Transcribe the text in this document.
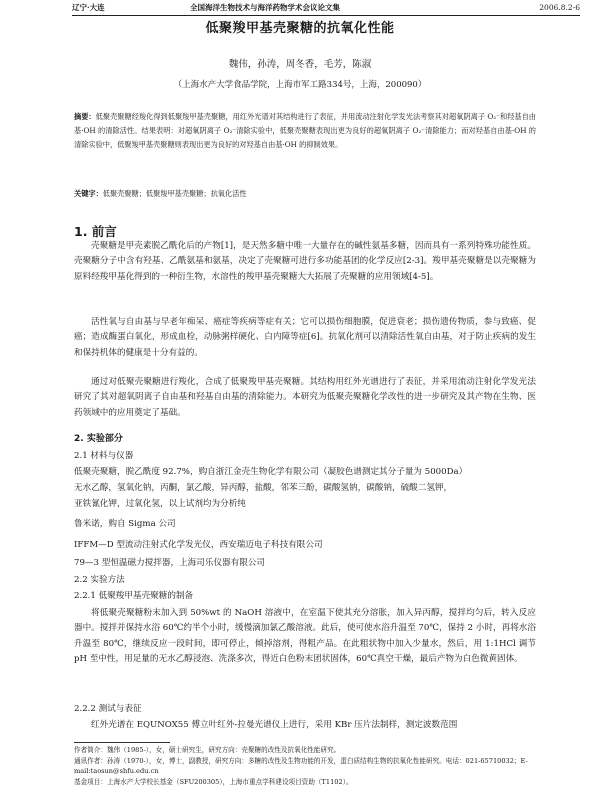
辽宁·大连	全国海洋生物技术与海洋药物学术会议论文集	2006.8.2-6
低聚羧甲基壳聚糖的抗氧化性能
魏伟，孙涛，周冬香，毛芳，陈淑
（上海水产大学食品学院，上海市军工路334号，上海，200090）
摘要：低聚壳聚糖经羧化得到低聚羧甲基壳聚糖，用红外光谱对其结构进行了表征，并用流动注射化学发光法考察其对超氧阴离子 O₂⁻和羟基自由基·OH 的清除活性。结果表明：对超氧阴离子 O₂⁻清除实验中，低聚壳聚糖表现出更为良好的超氧阴离子 O₂⁻清除能力；而对羟基自由基·OH 的清除实验中，低聚羧甲基壳聚糖则表现出更为良好的对羟基自由基·OH 的抑制效果。
关键字：低聚壳聚糖；低聚羧甲基壳聚糖；抗氧化活性
1. 前言
壳聚糖是甲壳素脱乙酰化后的产物[1]，是天然多糖中唯一大量存在的碱性氨基多糖，因而具有一系列特殊功能性质。壳聚糖分子中含有羟基、乙酰氨基和氨基，决定了壳聚糖可进行多功能基团的化学反应[2-3]。羧甲基壳聚糖是以壳聚糖为原料经羧甲基化得到的一种衍生物，水溶性的羧甲基壳聚糖大大拓展了壳聚糖的应用领域[4-5]。
活性氧与自由基与早老年痴呆、癌症等疾病等症有关；它可以损伤细胞膜，促进衰老；损伤遗传物质，参与致癌、促癌；造成酶蛋白氧化，形成血栓，动脉粥样硬化、白内障等症[6]。抗氧化剂可以清除活性氧自由基，对于防止疾病的发生和保持机体的健康是十分有益的。
通过对低聚壳聚糖进行羧化，合成了低聚羧甲基壳聚糖。其结构用红外光谱进行了表征，并采用流动注射化学发光法研究了其对超氧阴离子自由基和羟基自由基的清除能力。本研究为低聚壳聚糖化学改性的进一步研究及其产物在生物、医药领域中的应用奠定了基础。
2. 实验部分
2.1 材料与仪器
低聚壳聚糖，脱乙酰度 92.7%，购自浙江金壳生物化学有限公司（凝胶色谱测定其分子量为 5000Da）
无水乙醇，氢氧化钠，丙酮，氯乙酸，异丙醇，盐酸，邻苯三酚，碳酸氢钠，碳酸钠，硫酸二氢钾，
亚铁氰化钾，过氧化氢，以上试剂均为分析纯
鲁米诺，购自 Sigma 公司
IFFM—D 型流动注射式化学发光仪，西安瑞迈电子科技有限公司
79—3 型恒温磁力搅拌器，上海司乐仪器有限公司
2.2 实验方法
2.2.1 低聚羧甲基壳聚糖的制备
将低聚壳聚糖粉末加入到 50%wt 的 NaOH 溶液中，在室温下使其充分溶胀，加入异丙醇，搅拌均匀后，转入反应器中。搅拌并保持水浴 60℃约半个小时，缓慢滴加氯乙酸溶液。此后，使可使水浴升温至 70℃，保持 2 小时，再将水浴升温至 80℃，继续反应一段时间，即可停止，倾掉溶剂，得粗产品。在此粗状物中加入少量水，然后，用 1:1HCl 调节 pH 至中性，用足量的无水乙醇浸泡、洗涤多次，得近白色粉末团状固体，60℃真空干燥，最后产物为白色微黄固体。
2.2.2 测试与表征
红外光谱在 EQUNOX55 傅立叶红外-拉曼光谱仪上进行，采用 KBr 压片法制样，测定波数范围
作者简介：魏伟（1985-），女，硕士研究生，研究方向：壳聚糖的改性及抗氧化性能研究。
通讯作者：孙涛（1970-），女，博士，副教授，研究方向：多糖的改性及生物功能的开发，蛋白质结构生物的抗氧化性能研究。电话：021-65710032；E-mail:taosun@shfu.edu.cn
基金项目：上海水产大学校长基金（SFU200305），上海市重点学科建设项目资助（T1102）。
